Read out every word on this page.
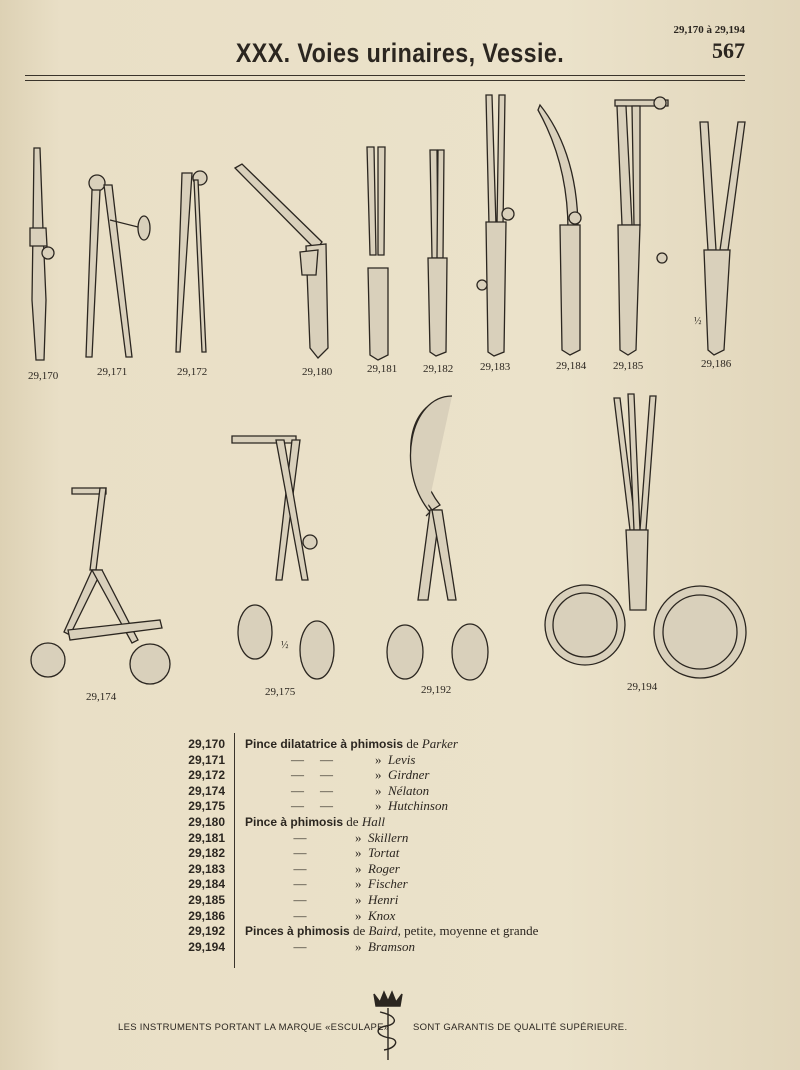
29,170 à 29,194
XXX. Voies urinaires, Vessie.	567
29,170	29,171	29,172	29,180	29,181 29,182 29,183	29,184 29,185	29,186
½
29,174	29,175
½
29,192	29,194
29,170 Pince dilatatrice à phimosis de Parker
29,171	— —	» Levis
29,172	— —	» Girdner
29,174	— —	» Nélaton
29,175	— —	» Hutchinson
29,180 Pince à phimosis de Hall
29,181	—	» Skillern
29,182	—	» Tortat
29,183	—	» Roger
29,184	—	» Fischer
29,185	—	» Henri
29,186	—	» Knox
29,192 Pinces à phimosis de Baird, petite, moyenne et grande
29,194	—	» Bramson
LES INSTRUMENTS PORTANT LA MARQUE «ESCULAPE» SONT GARANTIS DE QUALITÉ SUPÉRIEURE.
